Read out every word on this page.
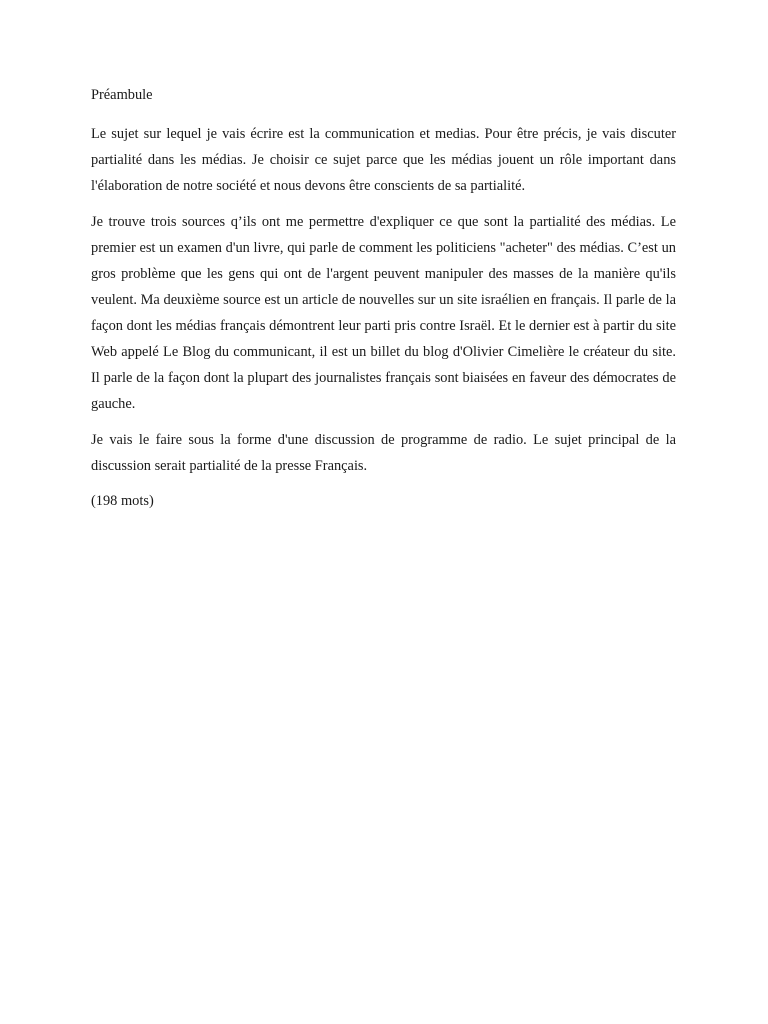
Préambule

Le sujet sur lequel je vais écrire est la communication et medias. Pour être précis, je vais discuter partialité dans les médias. Je choisir ce sujet parce que les médias jouent un rôle important dans l'élaboration de notre société et nous devons être conscients de sa partialité.

Je trouve trois sources q’ils ont me permettre d'expliquer ce que sont la partialité des médias. Le premier est un examen d'un livre, qui parle de comment les politiciens "acheter" des médias. C’est un gros problème que les gens qui ont de l'argent peuvent manipuler des masses de la manière qu'ils veulent. Ma deuxième source est un article de nouvelles sur un site israélien en français. Il parle de la façon dont les médias français démontrent leur parti pris contre Israël. Et le dernier est à partir du site Web appelé Le Blog du communicant, il est un billet du blog d'Olivier Cimelière le créateur du site. Il parle de la façon dont la plupart des journalistes français sont biaisées en faveur des démocrates de gauche.

Je vais le faire sous la forme d'une discussion de programme de radio. Le sujet principal de la discussion serait partialité de la presse Français.

(198 mots)
